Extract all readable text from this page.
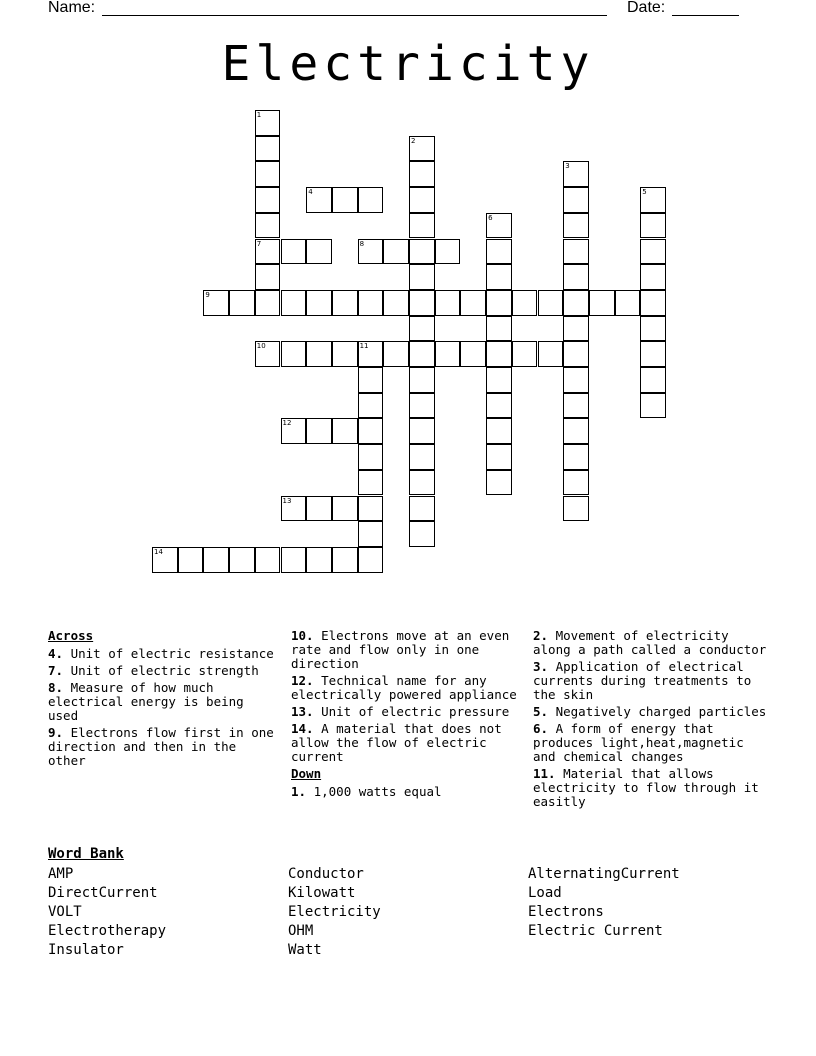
Name:	Date:
Electricity
1
7
2
3
4	5
6
8
9
10	11
12
13
14
Across
4. Unit of electric resistance
7. Unit of electric strength
8. Measure of how much electrical energy is being used
9. Electrons flow first in one direction and then in the other
10. Electrons move at an even rate and flow only in one direction
12. Technical name for any electrically powered appliance
13. Unit of electric pressure
14. A material that does not allow the flow of electric current
Down
1. 1,000 watts equal
2. Movement of electricity along a path called a conductor
3. Application of electrical currents during treatments to the skin
5. Negatively charged particles
6. A form of energy that produces light,heat,magnetic and chemical changes
11. Material that allows electricity to flow through it easitly
Word Bank
AMP
DirectCurrent
VOLT
Electrotherapy
Insulator
Conductor
Kilowatt
Electricity
OHM
Watt
AlternatingCurrent
Load
Electrons
Electric Current
